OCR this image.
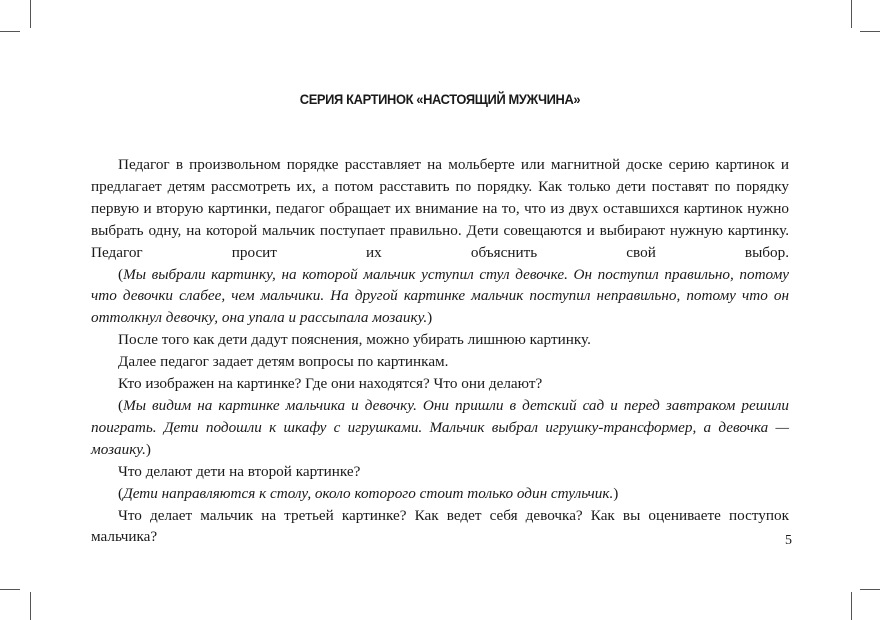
СЕРИЯ КАРТИНОК «НАСТОЯЩИЙ МУЖЧИНА»

Педагог в произвольном порядке расставляет на мольберте или магнитной доске серию картинок и предлагает детям рассмотреть их, а потом расставить по порядку. Как только дети поставят по порядку первую и вторую картинки, педагог обращает их внимание на то, что из двух оставшихся картинок нужно выбрать одну, на которой мальчик поступает правильно. Дети совещаются и выбирают нужную картинку. Педагог просит их объяснить свой выбор.

(Мы выбрали картинку, на которой мальчик уступил стул девочке. Он поступил правильно, потому что девочки слабее, чем мальчики. На другой картинке мальчик поступил неправильно, потому что он оттолкнул девочку, она упала и рассыпала мозаику.)

После того как дети дадут пояснения, можно убирать лишнюю картинку.

Далее педагог задает детям вопросы по картинкам.

Кто изображен на картинке? Где они находятся? Что они делают?

(Мы видим на картинке мальчика и девочку. Они пришли в детский сад и перед завтраком решили поиграть. Дети подошли к шкафу с игрушками. Мальчик выбрал игрушку-трансформер, а девочка — мозаику.)

Что делают дети на второй картинке?

(Дети направляются к столу, около которого стоит только один стульчик.)

Что делает мальчик на третьей картинке? Как ведет себя девочка? Как вы оцениваете поступок мальчика?	5
